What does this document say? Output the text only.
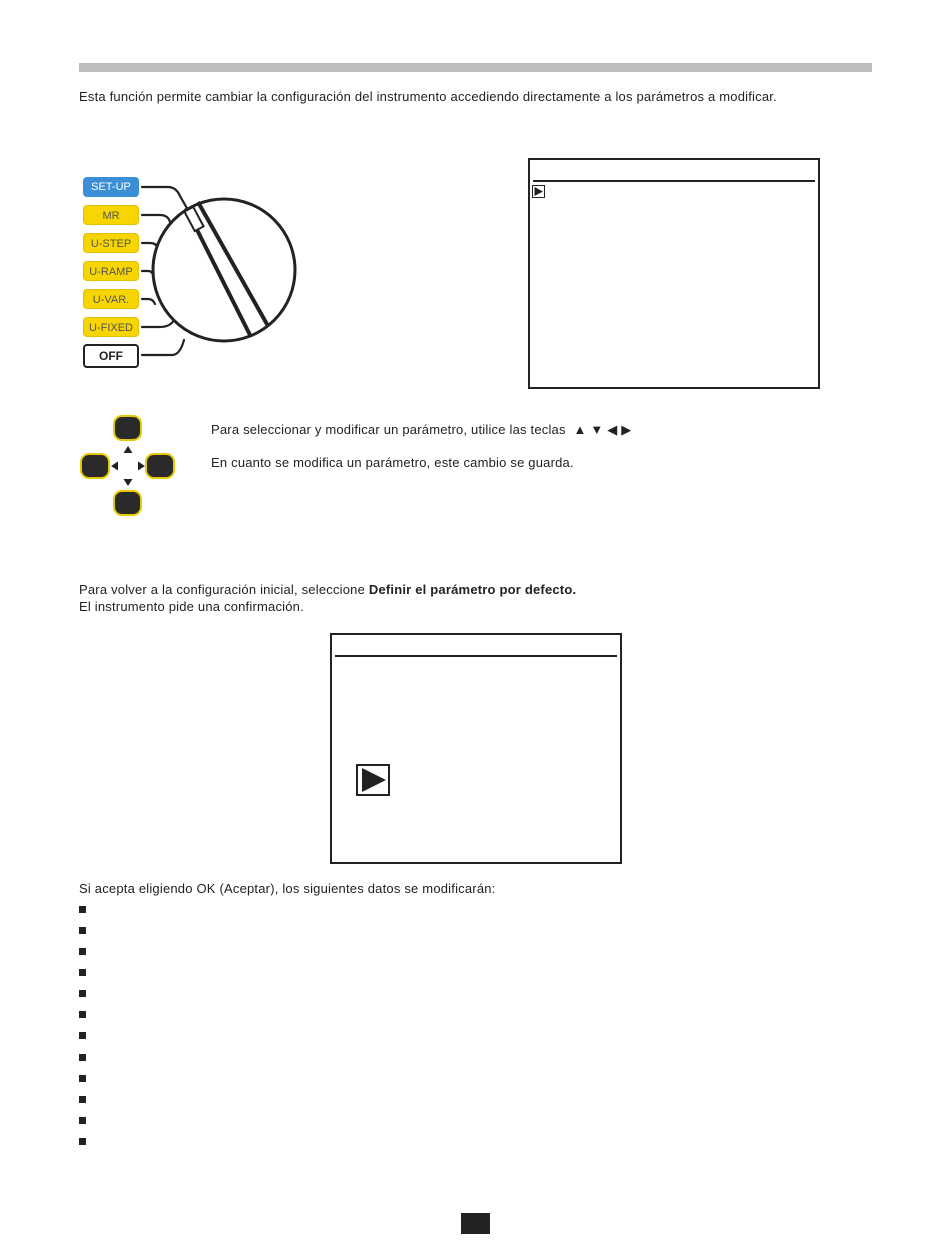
Esta función permite cambiar la configuración del instrumento accediendo directamente a los parámetros a modificar.
SET-UP
MR
U-STEP
U-RAMP
U-VAR.
U-FIXED
OFF
Para seleccionar y modificar un parámetro, utilice las teclas ▲ ▼ ◀ ▶
En cuanto se modifica un parámetro, este cambio se guarda.
Para volver a la configuración inicial, seleccione Definir el parámetro por defecto.
El instrumento pide una confirmación.
Si acepta eligiendo OK (Aceptar), los siguientes datos se modificarán:
